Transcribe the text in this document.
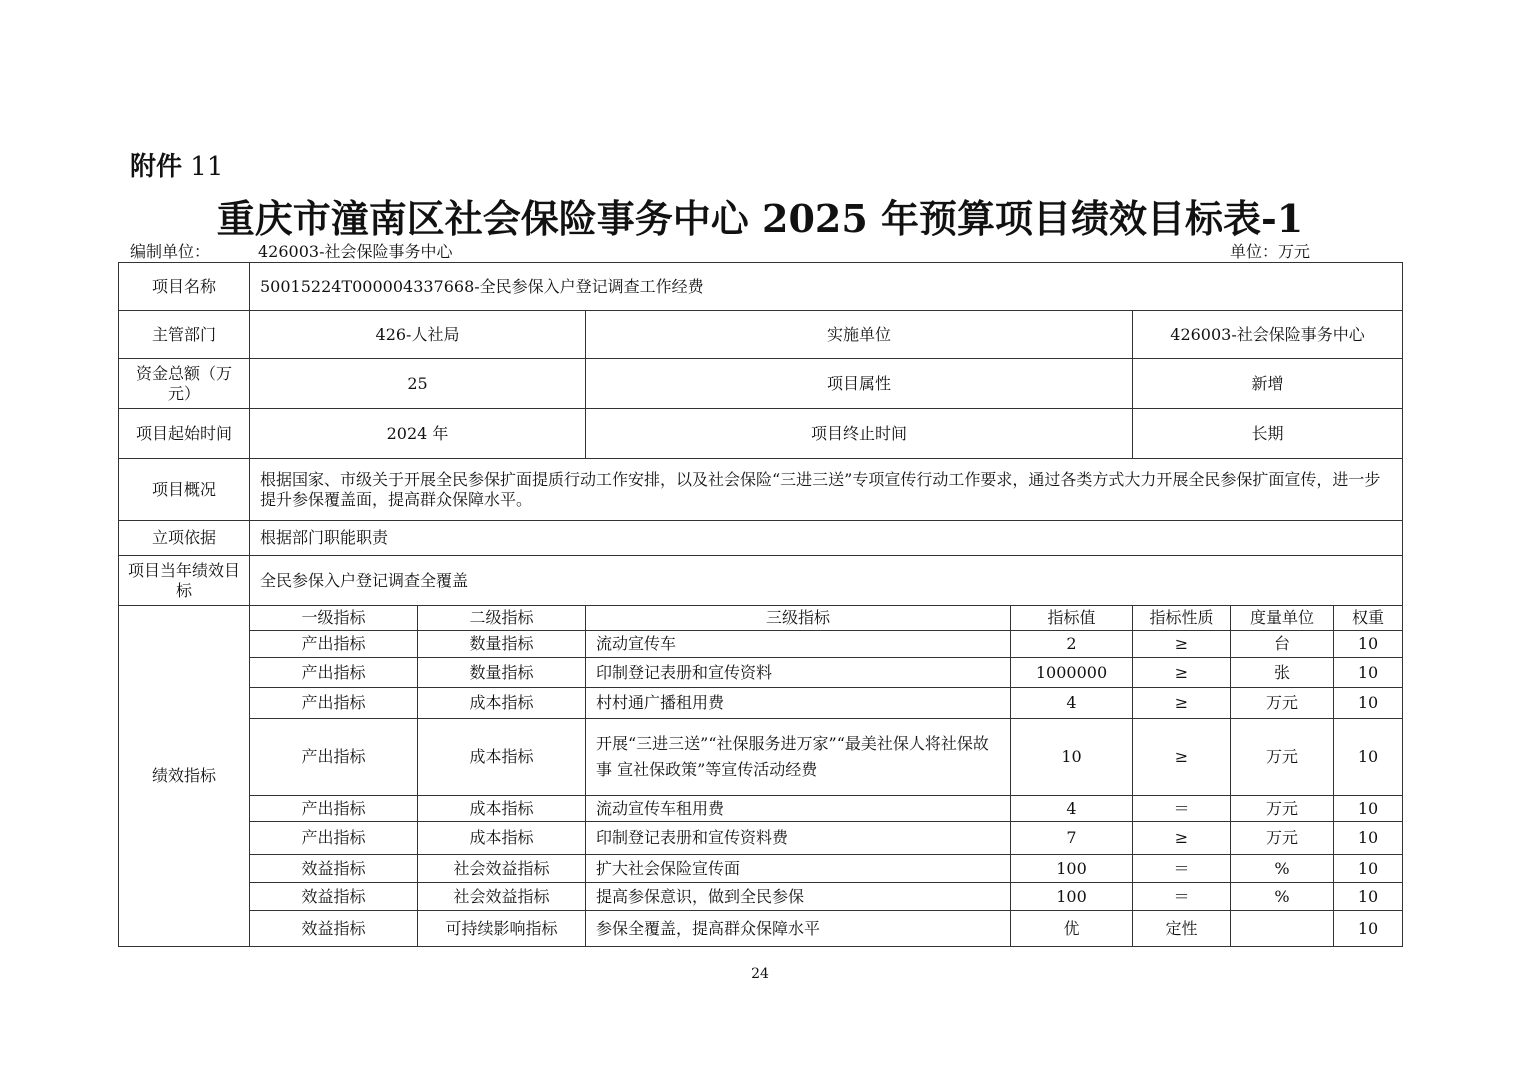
附件 11
重庆市潼南区社会保险事务中心 2025 年预算项目绩效目标表-1
编制单位：	426003-社会保险事务中心	单位：万元
项目名称	50015224T000004337668-全民参保入户登记调查工作经费						
主管部门	426-人社局		实施单位		426003-社会保险事务中心		
资金总额（万元）	25		项目属性		新增		
项目起始时间	2024 年		项目终止时间		长期		
项目概况	根据国家、市级关于开展全民参保扩面提质行动工作安排，以及社会保险“三进三送”专项宣传行动工作要求，通过各类方式大力开展全民参保扩面宣传，进一步提升参保覆盖面，提高群众保障水平。						
立项依据	根据部门职能职责						
项目当年绩效目标	全民参保入户登记调查全覆盖						
绩效指标	一级指标	二级指标	三级指标	指标值	指标性质	度量单位	权重
	产出指标	数量指标	流动宣传车	2	≥	台	10
	产出指标	数量指标	印制登记表册和宣传资料	1000000	≥	张	10
	产出指标	成本指标	村村通广播租用费	4	≥	万元	10
	产出指标	成本指标	开展“三进三送”“社保服务进万家”“最美社保人将社保故事 宣社保政策”等宣传活动经费	10	≥	万元	10
	产出指标	成本指标	流动宣传车租用费	4	＝	万元	10
	产出指标	成本指标	印制登记表册和宣传资料费	7	≥	万元	10
	效益指标	社会效益指标	扩大社会保险宣传面	100	＝	%	10
	效益指标	社会效益指标	提高参保意识，做到全民参保	100	＝	%	10
	效益指标	可持续影响指标	参保全覆盖，提高群众保障水平	优	定性		10
24
